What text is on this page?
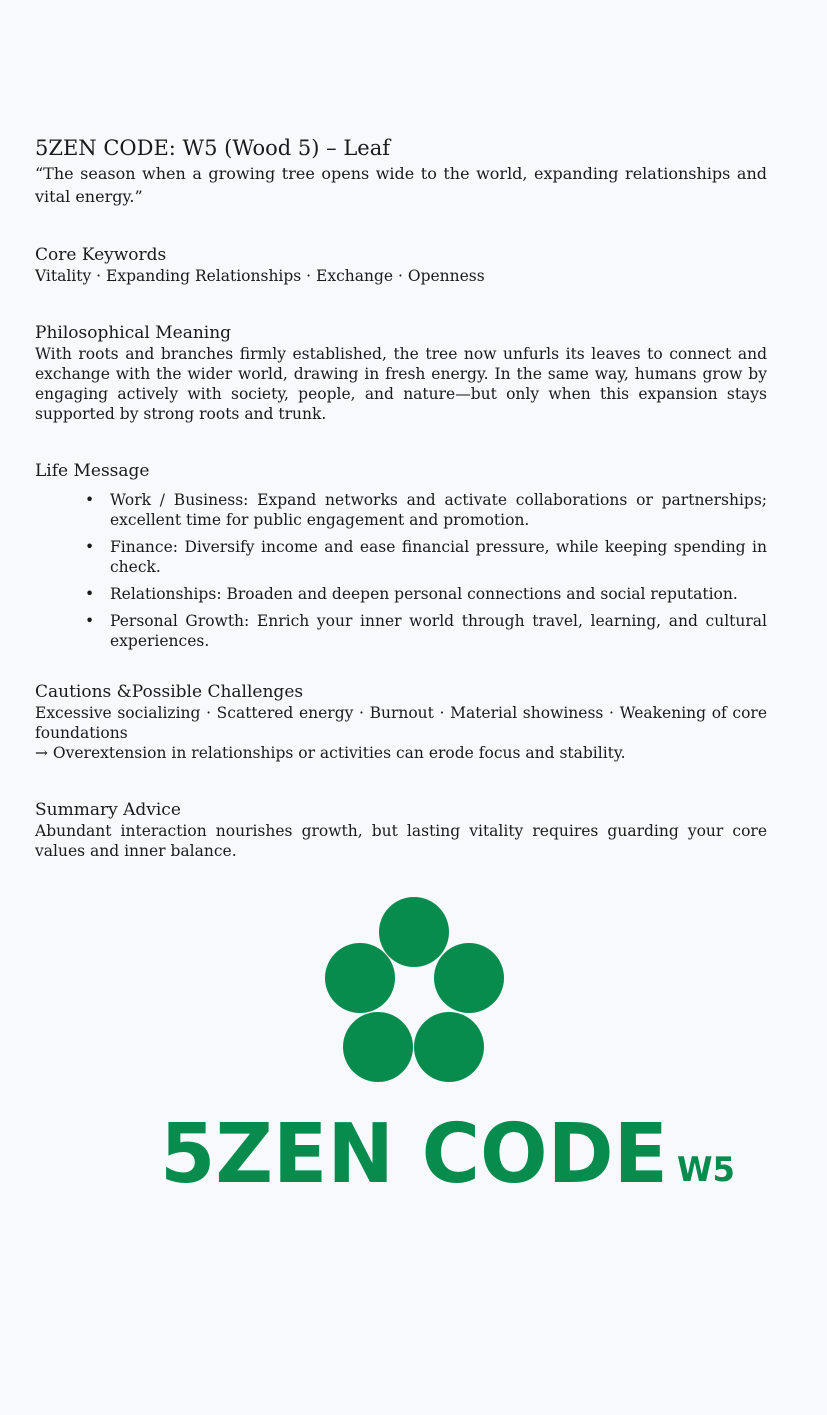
5ZEN CODE: W5 (Wood 5) – Leaf

“The season when a growing tree opens wide to the world, expanding relationships and vital energy.”

Core Keywords

Vitality · Expanding Relationships · Exchange · Openness

Philosophical Meaning

With roots and branches firmly established, the tree now unfurls its leaves to connect and exchange with the wider world, drawing in fresh energy. In the same way, humans grow by engaging actively with society, people, and nature—but only when this expansion stays supported by strong roots and trunk.

Life Message
• Work / Business: Expand networks and activate collaborations or partnerships; excellent time for public engagement and promotion.
• Finance: Diversify income and ease financial pressure, while keeping spending in check.
• Relationships: Broaden and deepen personal connections and social reputation.
• Personal Growth: Enrich your inner world through travel, learning, and cultural experiences.
Cautions &Possible Challenges

Excessive socializing · Scattered energy · Burnout · Material showiness · Weakening of core foundations

→ Overextension in relationships or activities can erode focus and stability.

Summary Advice

Abundant interaction nourishes growth, but lasting vitality requires guarding your core values and inner balance.

5ZEN CODE W5
